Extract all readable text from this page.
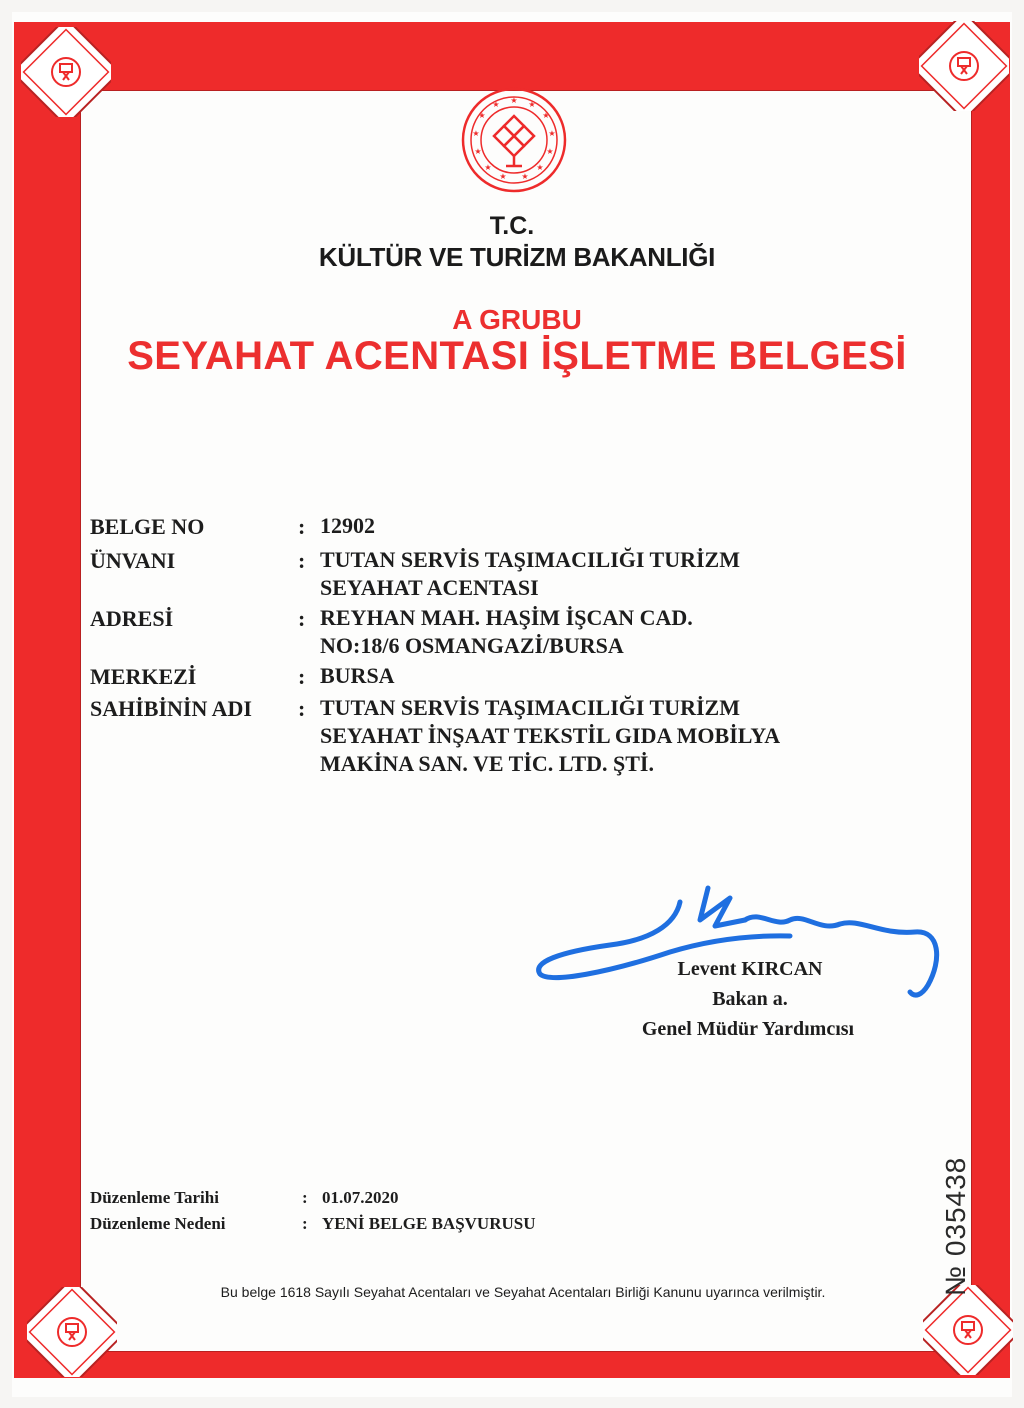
★ ★
★
★
★
★
★
★
★
★
★
★ ★
T.C.
KÜLTÜR VE TURİZM BAKANLIĞI
A GRUBU
SEYAHAT ACENTASI İŞLETME BELGESİ
BELGE NO	: 12902
ÜNVANI	: TUTAN SERVİS TAŞIMACILIĞI TURİZM
SEYAHAT ACENTASI
ADRESİ	: REYHAN MAH. HAŞİM İŞCAN CAD.
NO:18/6 OSMANGAZİ/BURSA
MERKEZİ	: BURSA
SAHİBİNİN ADI : TUTAN SERVİS TAŞIMACILIĞI TURİZM
SEYAHAT İNŞAAT TEKSTİL GIDA MOBİLYA
MAKİNA SAN. VE TİC. LTD. ŞTİ.
Levent KIRCAN
Bakan a.
Genel Müdür Yardımcısı
Düzenleme Tarihi	: 01.07.2020
Düzenleme Nedeni	: YENİ BELGE BAŞVURUSU
Bu belge 1618 Sayılı Seyahat Acentaları ve Seyahat Acentaları Birliği Kanunu uyarınca verilmiştir.	№ 035438
